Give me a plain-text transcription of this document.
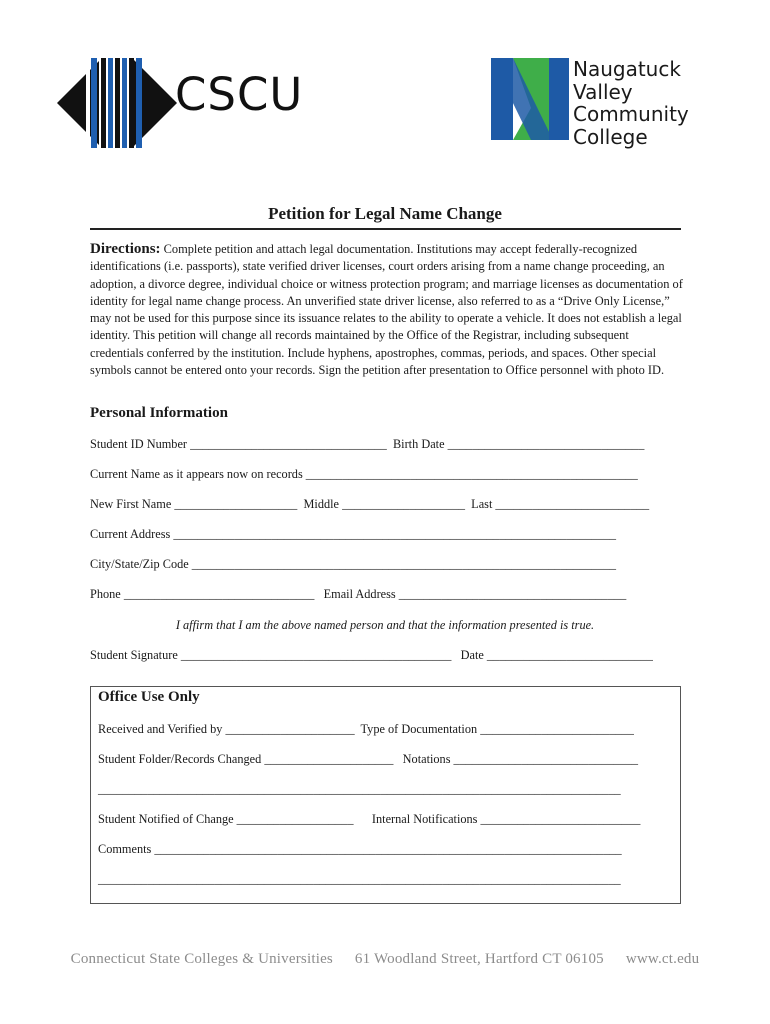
CSCU	Naugatuck
Valley
Community
College
Petition for Legal Name Change
Directions: Complete petition and attach legal documentation. Institutions may accept federally-recognized identifications (i.e. passports), state verified driver licenses, court orders arising from a name change proceeding, an adoption, a divorce degree, individual choice or witness protection program; and marriage licenses as documentation of identity for legal name change process. An unverified state driver license, also referred to as a “Drive Only License,” may not be used for this purpose since its issuance relates to the ability to operate a vehicle. It does not establish a legal identity. This petition will change all records maintained by the Office of the Registrar, including subsequent credentials conferred by the institution. Include hyphens, apostrophes, commas, periods, and spaces. Other special symbols cannot be entered onto your records. Sign the petition after presentation to Office personnel with photo ID.
Personal Information
Student ID Number ________________________________  Birth Date ________________________________
Current Name as it appears now on records ______________________________________________________
New First Name ____________________  Middle ____________________  Last _________________________
Current Address ________________________________________________________________________
City/State/Zip Code _____________________________________________________________________
Phone _______________________________   Email Address _____________________________________
I affirm that I am the above named person and that the information presented is true.
Student Signature ____________________________________________   Date ___________________________
Office Use Only
Received and Verified by _____________________  Type of Documentation _________________________
Student Folder/Records Changed _____________________   Notations ______________________________
_____________________________________________________________________________________
Student Notified of Change ___________________      Internal Notifications __________________________
Comments ____________________________________________________________________________
_____________________________________________________________________________________
Connecticut State Colleges & Universities 61 Woodland Street, Hartford CT 06105 www.ct.edu
